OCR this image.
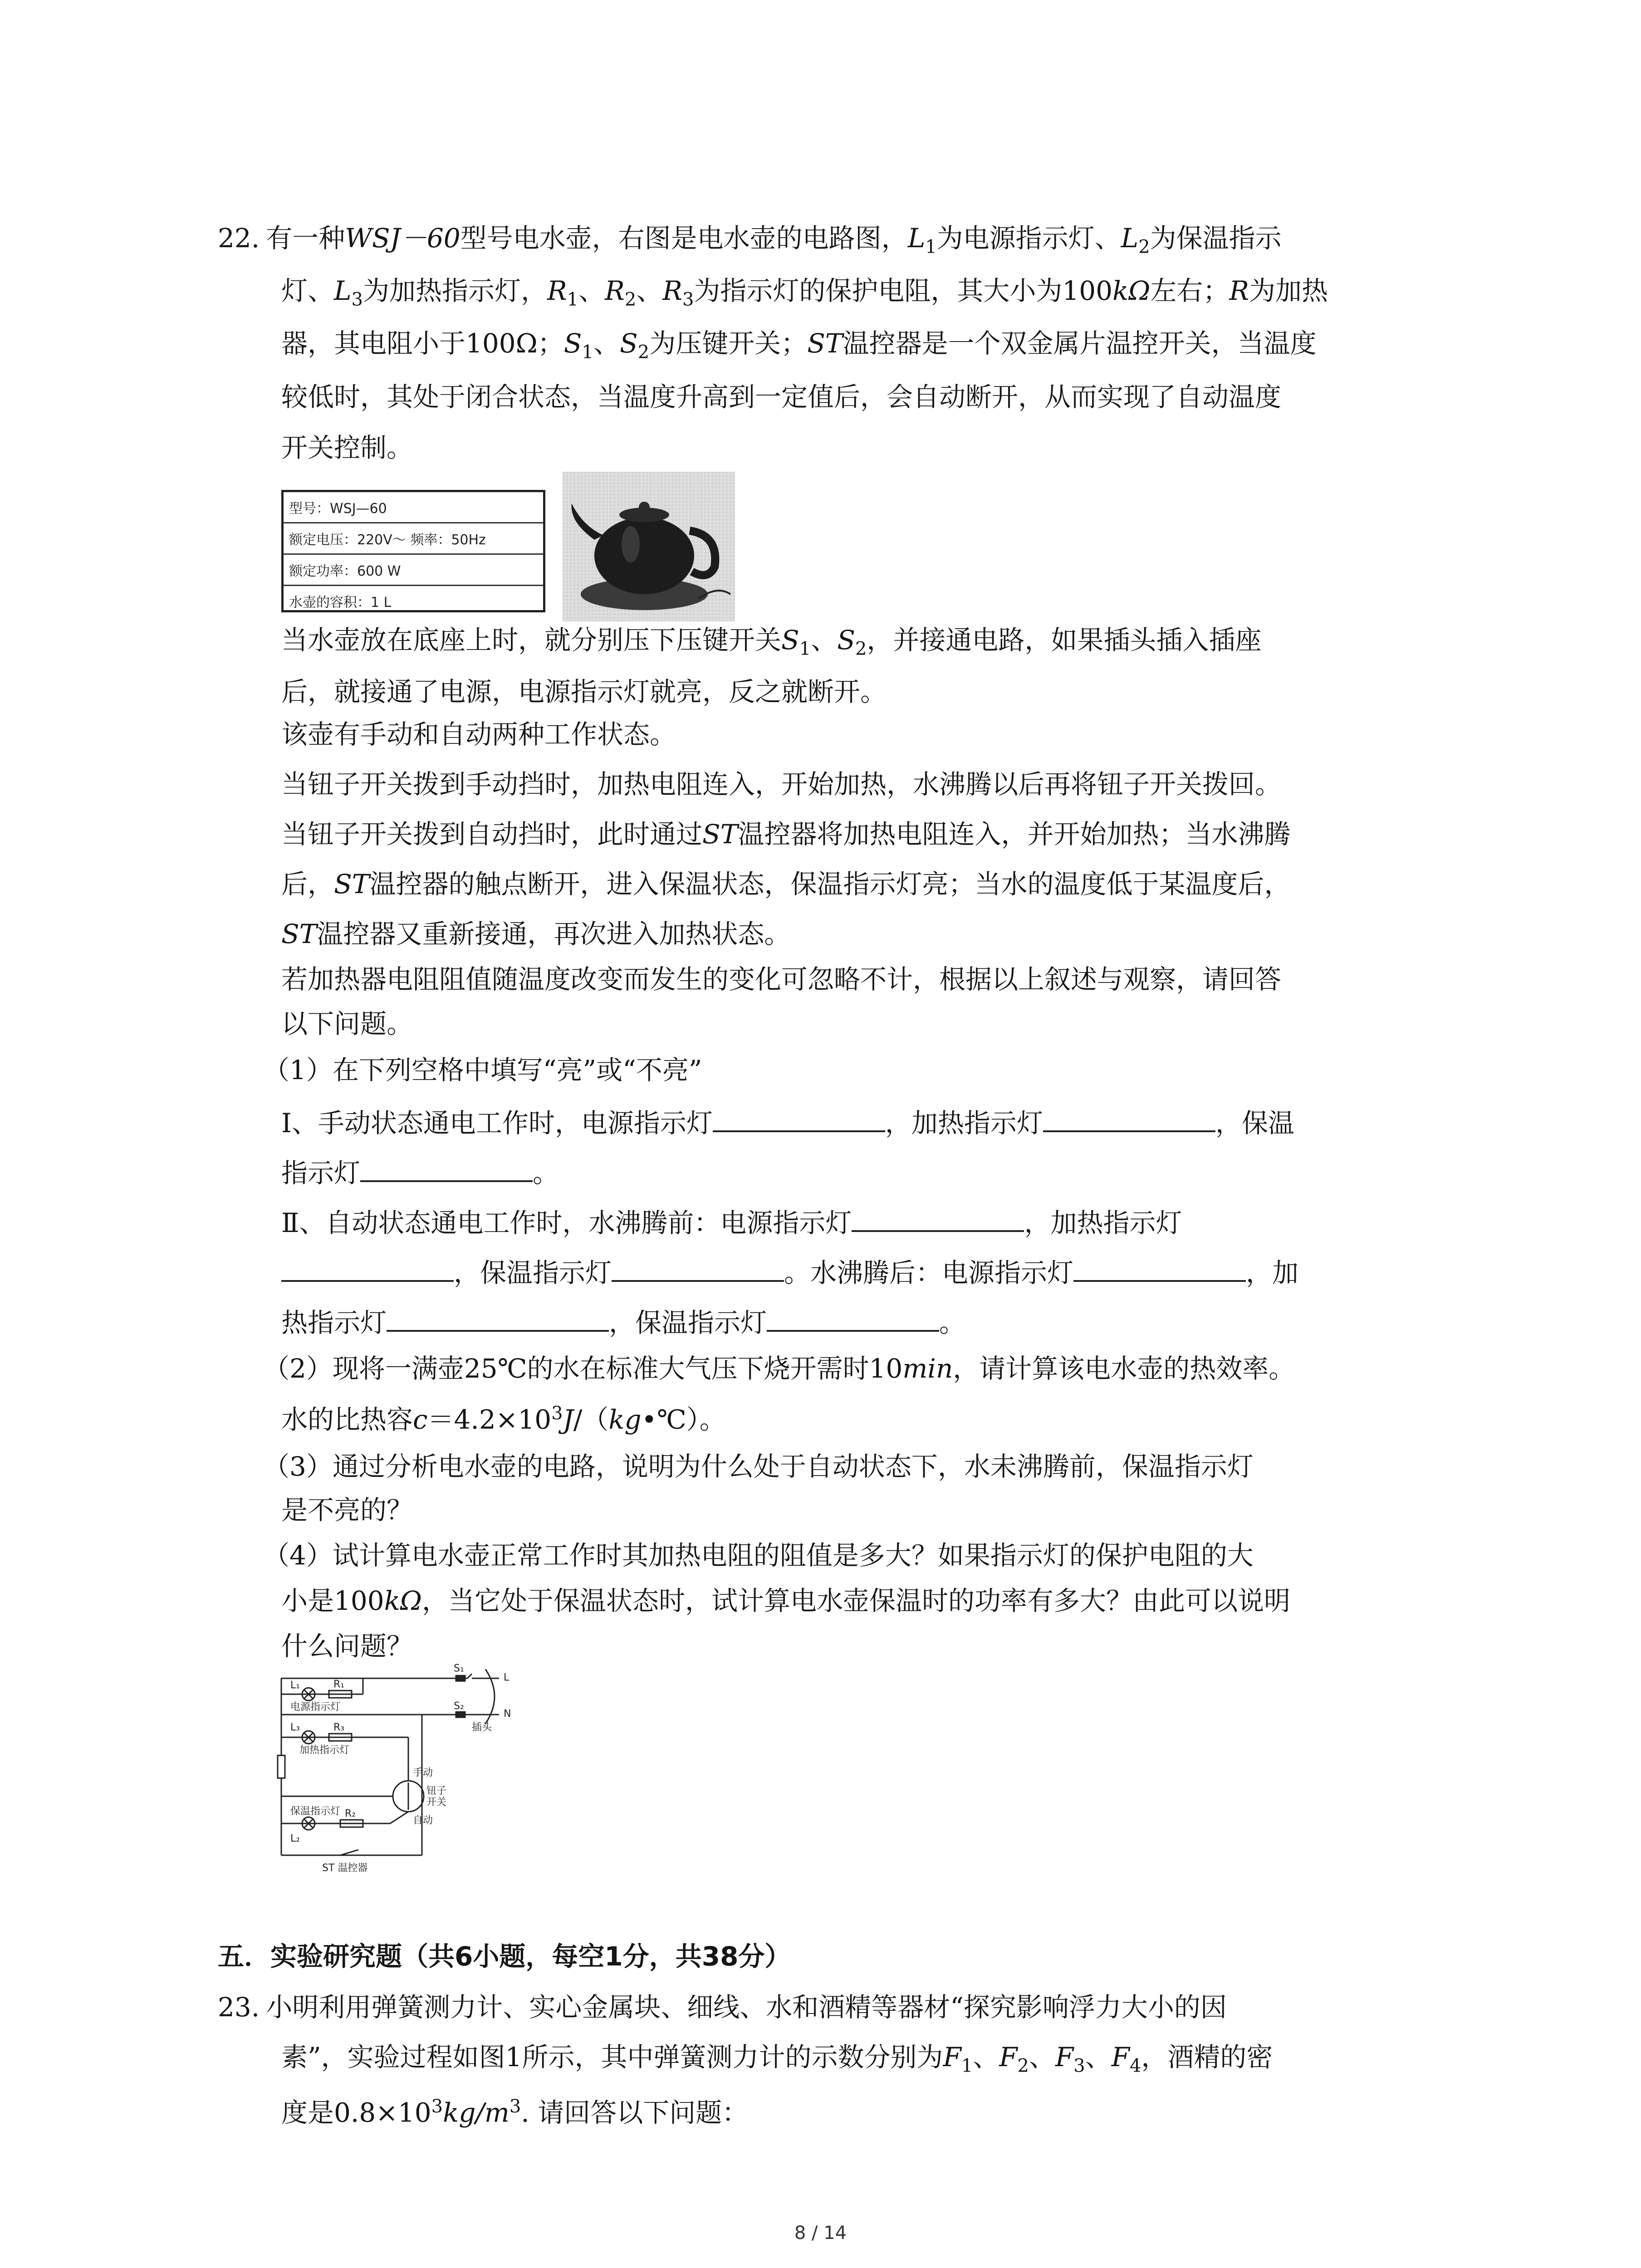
22. 有一种WSJ－60型号电水壶，右图是电水壶的电路图，$L_1$为电源指示灯、$L_2$为保温指示
灯、$L_3$为加热指示灯，$R_1$、$R_2$、$R_3$为指示灯的保护电阻，其大小为100kΩ左右；R为加热
器，其电阻小于100Ω；$S_1$、$S_2$为压键开关；ST温控器是一个双金属片温控开关，当温度
较低时，其处于闭合状态，当温度升高到一定值后，会自动断开，从而实现了自动温度
开关控制。
型号：WSJ—60
额定电压：220V～ 频率：50Hz
额定功率：600 W
水壶的容积：1 L
当水壶放在底座上时，就分别压下压键开关$S_1$、$S_2$，并接通电路，如果插头插入插座
后，就接通了电源，电源指示灯就亮，反之就断开。
该壶有手动和自动两种工作状态。
当钮子开关拨到手动挡时，加热电阻连入，开始加热，水沸腾以后再将钮子开关拨回。
当钮子开关拨到自动挡时，此时通过ST温控器将加热电阻连入，并开始加热；当水沸腾
后，ST温控器的触点断开，进入保温状态，保温指示灯亮；当水的温度低于某温度后，
ST温控器又重新接通，再次进入加热状态。
若加热器电阻阻值随温度改变而发生的变化可忽略不计，根据以上叙述与观察，请回答
以下问题。
（1）在下列空格中填写“亮”或“不亮”
Ⅰ、手动状态通电工作时，电源指示灯	，加热指示灯	，保温
指示灯	。
Ⅱ、自动状态通电工作时，水沸腾前：电源指示灯	，加热指示灯
，保温指示灯	。水沸腾后：电源指示灯	，加
热指示灯	，保温指示灯	。
（2）现将一满壶25℃的水在标准大气压下烧开需时10min，请计算该电水壶的热效率。
水的比热容$c=4.2\times 10^3J/(kg•℃)$。
（3）通过分析电水壶的电路，说明为什么处于自动状态下，水未沸腾前，保温指示灯
是不亮的？
（4）试计算电水壶正常工作时其加热电阻的阻值是多大？如果指示灯的保护电阻的大
小是100kΩ，当它处于保温状态时，试计算电水壶保温时的功率有多大？由此可以说明
什么问题？
L₁	R₁
电源指示灯
L₃	R₃
加热指示灯
保温指示灯 R₂
L₂
S₁
S₂
插头
L
N
手动
钮子
开关
自动
ST 温控器
五．实验研究题（共6小题，每空1分，共38分）
23. 小明利用弹簧测力计、实心金属块、细线、水和酒精等器材“探究影响浮力大小的因
素”，实验过程如图1所示，其中弹簧测力计的示数分别为$F_1$、$F_2$、$F_3$、$F_4$，酒精的密
度是$0.8\times 10^3kg/m^3$. 请回答以下问题：
8 / 14
